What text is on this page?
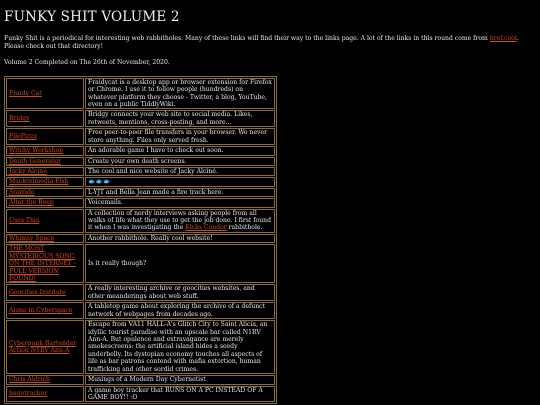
FUNKY SHIT VOLUME 2

Funky Shit is a periodical for interesting web rabbitholes. Many of these links will find their way to the links page. A lot of the links in this round come from href.cool. Please check out that directory!

Volume 2 Completed on The 26th of November, 2020.

Fraidy Cat	Fraidycat is a desktop app or browser extension for Firefox or Chrome. I use it to follow people (hundreds) on whatever platform they choose - Twitter, a blog, YouTube, even on a public TiddlyWiki.
Bridgy	Bridgy connects your web site to social media. Likes, retweets, mentions, cross-posting, and more...
FilePizza	Free peer-to-peer file transfers in your browser. We never store anything. Files only served fresh.
Witchy Workshop	An adorable game I have to check out soon.
Death Generator	Create your own death screens.
Jacky Alciné	The cool and nice website of Jacky Alciné.
Mackrelmedia Fish	🐟🐟🐟
Starride	L-YJT and Bella Jean made a fire track here.
Alter the Beep	Voicemails.
Uses This	A collection of nerdy interviews asking people from all walks of life what they use to get the job done. I first found it when I was investigating the Kicks Condor rabbithole.
Whimsy Space	Another rabbithole. Really cool website!
THE MOST MYSTERIOUS SONG ON THE INTERNET - FULL VERSION FOUND!	Is it really though?
Geocities Institute	A really interesting archive or geocities websites, and other meanderings about web stuff.
Alone in Cyberspace	A tabletop game about exploring the archive of a defunct network of webpages from decades ago.
Cyberpunk Bartender Action N1RV Ann-A	Escape from VA11 HALL-A's Glitch City to Saint Alicia, an idyllic tourist paradise with an upscale bar called N1RV Ann-A. But opulence and extravagance are merely smokescreens: the artificial island hides a seedy underbelly. Its dystopian economy touches all aspects of life as bar patrons contend with mafia extortion, human trafficking and other sordid crimes.
Chris Aldrich	Musings of a Modern Day Cybernetist
hugetracker	A game boy tracker that RUNS ON A PC INSTEAD OF A GAME BOY!! :O
